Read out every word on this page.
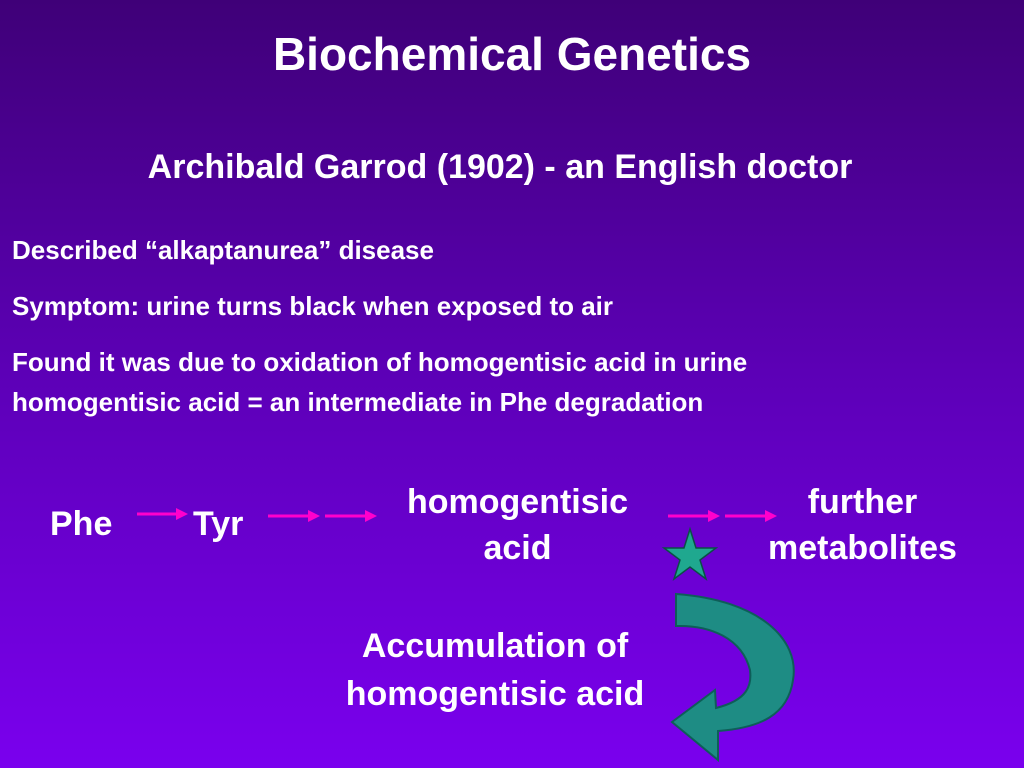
Biochemical Genetics
Archibald Garrod (1902) - an English doctor
Described “alkaptanurea” disease
Symptom: urine turns black when exposed to air
Found it was due to oxidation of homogentisic acid in urine
homogentisic acid = an intermediate in Phe degradation
Phe Tyr
homogentisic acid
further metabolites
Accumulation of homogentisic acid
